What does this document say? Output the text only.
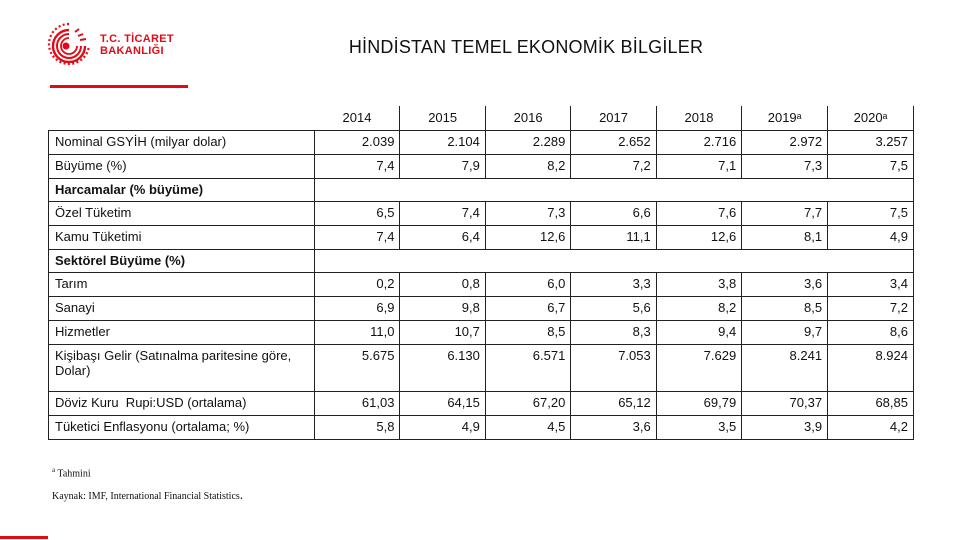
T.C. TİCARET
BAKANLIĞI	HİNDİSTAN TEMEL EKONOMİK BİLGİLER
	2014	2015	2016	2017	2018	2019ᵃ	2020ᵃ
Nominal GSYİH (milyar dolar)	2.039	2.104	2.289	2.652	2.716	2.972	3.257
Büyüme (%)	7,4	7,9	8,2	7,2	7,1	7,3	7,5
Harcamalar (% büyüme)							
Özel Tüketim	6,5	7,4	7,3	6,6	7,6	7,7	7,5
Kamu Tüketimi	7,4	6,4	12,6	11,1	12,6	8,1	4,9
Sektörel Büyüme (%)							
Tarım	0,2	0,8	6,0	3,3	3,8	3,6	3,4
Sanayi	6,9	9,8	6,7	5,6	8,2	8,5	7,2
Hizmetler	11,0	10,7	8,5	8,3	9,4	9,7	8,6
Kişibaşı Gelir (Satınalma paritesine göre, Dolar)	5.675	6.130	6.571	7.053	7.629	8.241	8.924
Döviz Kuru  Rupi:USD (ortalama)	61,03	64,15	67,20	65,12	69,79	70,37	68,85
Tüketici Enflasyonu (ortalama; %)	5,8	4,9	4,5	3,6	3,5	3,9	4,2
$^a$ Tahmini
Kaynak: IMF, International Financial Statistics.
